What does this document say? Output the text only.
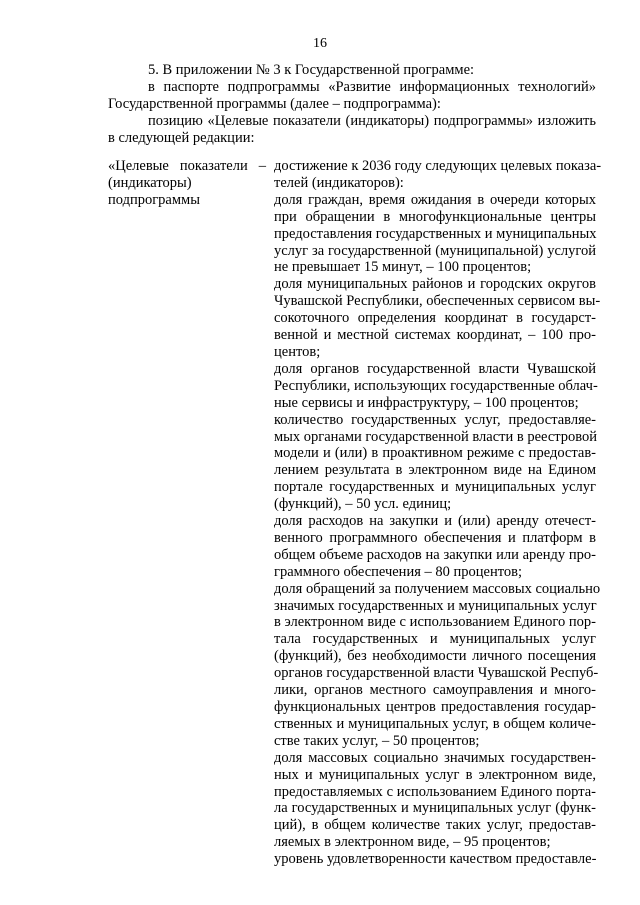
16

5. В приложении № 3 к Государственной программе:

в паспорте подпрограммы «Развитие информационных технологий» Государственной программы (далее – подпрограмма):

позицию «Целевые показатели (индикаторы) подпрограммы» изложить в следующей редакции:

«Целевые показатели – (индикаторы) подпрограммы
достижение к 2036 году следующих целевых показа-
телей (индикаторов):
доля граждан, время ожидания в очереди которых
при обращении в многофункциональные центры
предоставления государственных и муниципальных
услуг за государственной (муниципальной) услугой
не превышает 15 минут, – 100 процентов;
доля муниципальных районов и городских округов
Чувашской Республики, обеспеченных сервисом вы-
сокоточного определения координат в государст-
венной и местной системах координат, – 100 про-
центов;
доля органов государственной власти Чувашской
Республики, использующих государственные облач-
ные сервисы и инфраструктуру, – 100 процентов;
количество государственных услуг, предоставляе-
мых органами государственной власти в реестровой
модели и (или) в проактивном режиме с предостав-
лением результата в электронном виде на Едином
портале государственных и муниципальных услуг
(функций), – 50 усл. единиц;
доля расходов на закупки и (или) аренду отечест-
венного программного обеспечения и платформ в
общем объеме расходов на закупки или аренду про-
граммного обеспечения – 80 процентов;
доля обращений за получением массовых социально
значимых государственных и муниципальных услуг
в электронном виде с использованием Единого пор-
тала государственных и муниципальных услуг
(функций), без необходимости личного посещения
органов государственной власти Чувашской Респуб-
лики, органов местного самоуправления и много-
функциональных центров предоставления государ-
ственных и муниципальных услуг, в общем количе-
стве таких услуг, – 50 процентов;
доля массовых социально значимых государствен-
ных и муниципальных услуг в электронном виде,
предоставляемых с использованием Единого порта-
ла государственных и муниципальных услуг (функ-
ций), в общем количестве таких услуг, предостав-
ляемых в электронном виде, – 95 процентов;
уровень удовлетворенности качеством предоставле-
